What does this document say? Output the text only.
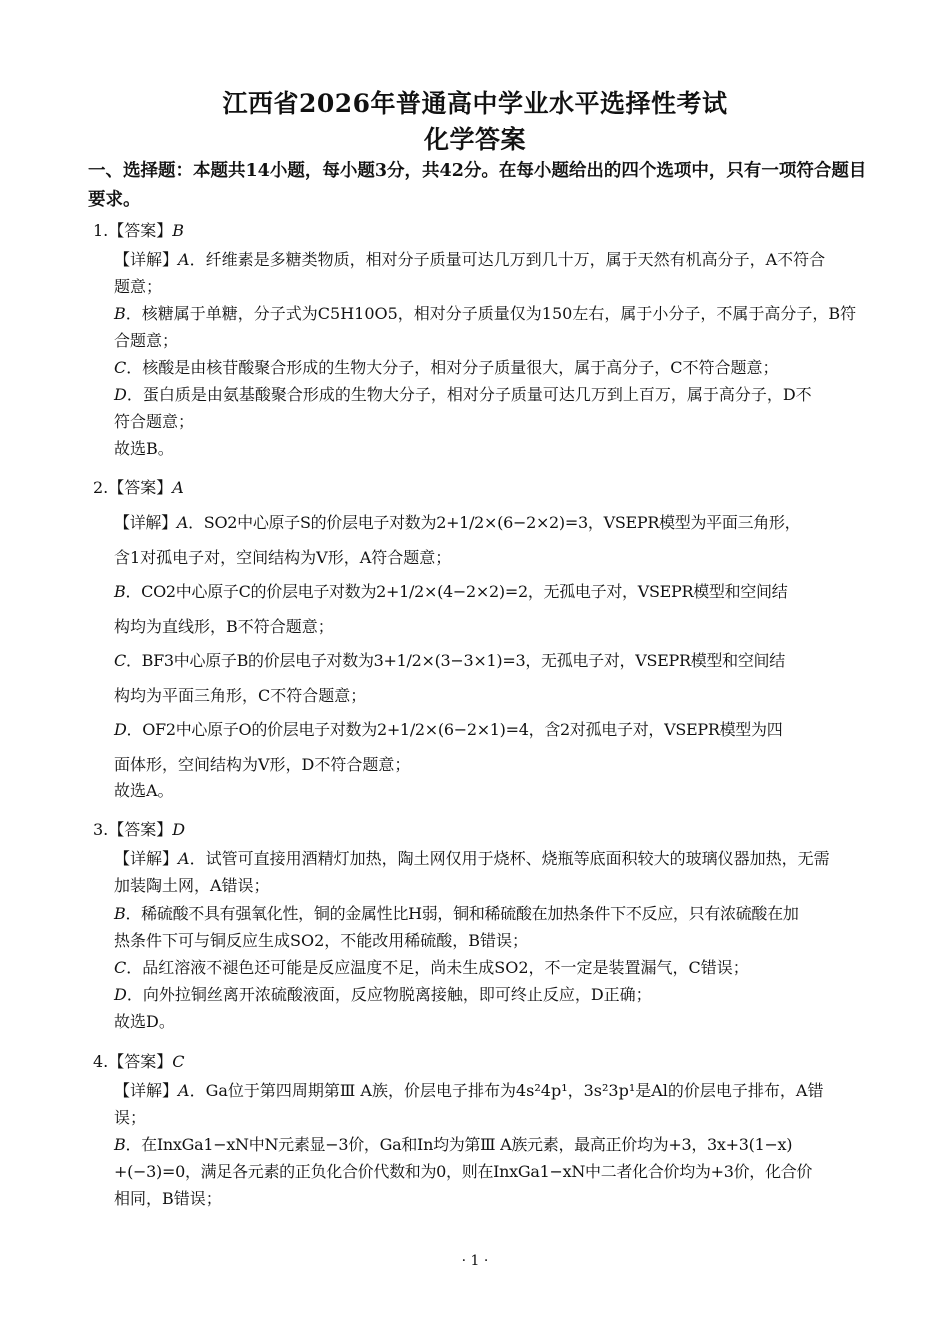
江西省2026年普通高中学业水平选择性考试
化学答案
一、选择题：本题共14小题，每小题3分，共42分。在每小题给出的四个选项中，只有一项符合题目要求。
1.【答案】B
【详解】A．纤维素是多糖类物质，相对分子质量可达几万到几十万，属于天然有机高分子，A不符合
题意；
B．核糖属于单糖，分子式为C5H10O5，相对分子质量仅为150左右，属于小分子，不属于高分子，B符
合题意；
C．核酸是由核苷酸聚合形成的生物大分子，相对分子质量很大，属于高分子，C不符合题意；
D．蛋白质是由氨基酸聚合形成的生物大分子，相对分子质量可达几万到上百万，属于高分子，D不
符合题意；
故选B。
2.【答案】A
【详解】A．SO2中心原子S的价层电子对数为2+1/2×(6−2×2)=3，VSEPR模型为平面三角形，
含1对孤电子对，空间结构为V形，A符合题意；
B．CO2中心原子C的价层电子对数为2+1/2×(4−2×2)=2，无孤电子对，VSEPR模型和空间结
构均为直线形，B不符合题意；
C．BF3中心原子B的价层电子对数为3+1/2×(3−3×1)=3，无孤电子对，VSEPR模型和空间结
构均为平面三角形，C不符合题意；
D．OF2中心原子O的价层电子对数为2+1/2×(6−2×1)=4，含2对孤电子对，VSEPR模型为四
面体形，空间结构为V形，D不符合题意；
故选A。
3.【答案】D
【详解】A．试管可直接用酒精灯加热，陶土网仅用于烧杯、烧瓶等底面积较大的玻璃仪器加热，无需
加装陶土网，A错误；
B．稀硫酸不具有强氧化性，铜的金属性比H弱，铜和稀硫酸在加热条件下不反应，只有浓硫酸在加
热条件下可与铜反应生成SO2，不能改用稀硫酸，B错误；
C．品红溶液不褪色还可能是反应温度不足，尚未生成SO2，不一定是装置漏气，C错误；
D．向外拉铜丝离开浓硫酸液面，反应物脱离接触，即可终止反应，D正确；
故选D。
4.【答案】C
【详解】A．Ga位于第四周期第Ⅲ A族，价层电子排布为4s²4p¹，3s²3p¹是Al的价层电子排布，A错
误；
B．在InxGa1−xN中N元素显−3价，Ga和In均为第Ⅲ A族元素，最高正价均为+3，3x+3(1−x)
+(−3)=0，满足各元素的正负化合价代数和为0，则在InxGa1−xN中二者化合价均为+3价，化合价
相同，B错误；
· 1 ·
